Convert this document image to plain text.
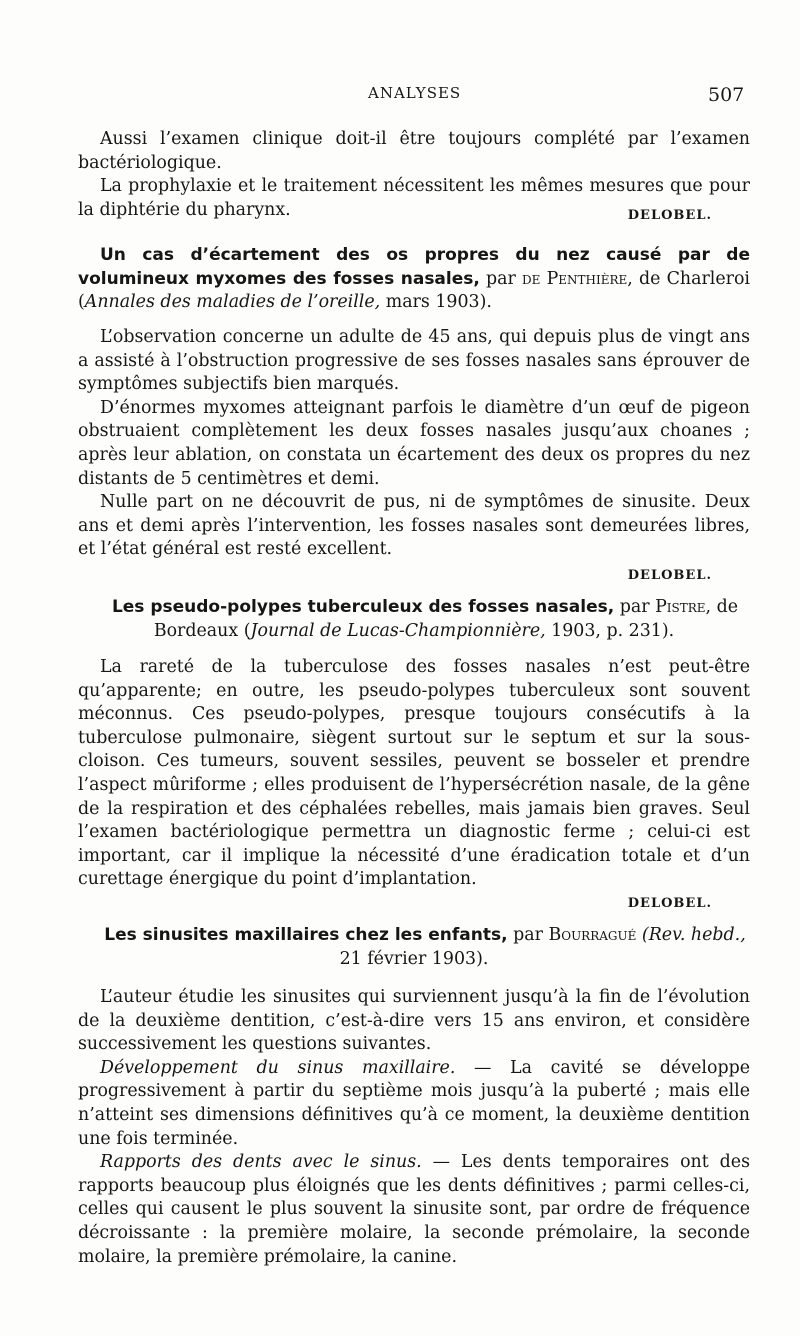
ANALYSES	507

Aussi l’examen clinique doit-il être toujours complété par l’examen bactériologique.

La prophylaxie et le traitement nécessitent les mêmes mesures que pour la diphtérie du pharynx.	DELOBEL.

Un cas d’écartement des os propres du nez causé par de volumineux myxomes des fosses nasales, par de Penthière, de Charleroi (Annales des maladies de l’oreille, mars 1903).

L’observation concerne un adulte de 45 ans, qui depuis plus de vingt ans a assisté à l’obstruction progressive de ses fosses nasales sans éprouver de symptômes subjectifs bien marqués.

D’énormes myxomes atteignant parfois le diamètre d’un œuf de pigeon obstruaient complètement les deux fosses nasales jusqu’aux choanes ; après leur ablation, on constata un écartement des deux os propres du nez distants de 5 centimètres et demi.

Nulle part on ne découvrit de pus, ni de symptômes de sinusite. Deux ans et demi après l’intervention, les fosses nasales sont demeurées libres, et l’état général est resté excellent.

DELOBEL.

Les pseudo-polypes tuberculeux des fosses nasales, par Pistre, de Bordeaux (Journal de Lucas-Championnière, 1903, p. 231).

La rareté de la tuberculose des fosses nasales n’est peut-être qu’apparente; en outre, les pseudo-polypes tuberculeux sont souvent méconnus. Ces pseudo-polypes, presque toujours consécutifs à la tuberculose pulmonaire, siègent surtout sur le septum et sur la sous-cloison. Ces tumeurs, souvent sessiles, peuvent se bosseler et prendre l’aspect mûriforme ; elles produisent de l’hypersécrétion nasale, de la gêne de la respiration et des céphalées rebelles, mais jamais bien graves. Seul l’examen bactériologique permettra un diagnostic ferme ; celui-ci est important, car il implique la nécessité d’une éradication totale et d’un curettage énergique du point d’implantation.

DELOBEL.

Les sinusites maxillaires chez les enfants, par Bourragué (Rev. hebd., 21 février 1903).

L’auteur étudie les sinusites qui surviennent jusqu’à la fin de l’évolution de la deuxième dentition, c’est-à-dire vers 15 ans environ, et considère successivement les questions suivantes.

Développement du sinus maxillaire. — La cavité se développe progressivement à partir du septième mois jusqu’à la puberté ; mais elle n’atteint ses dimensions définitives qu’à ce moment, la deuxième dentition une fois terminée.

Rapports des dents avec le sinus. — Les dents temporaires ont des rapports beaucoup plus éloignés que les dents définitives ; parmi celles-ci, celles qui causent le plus souvent la sinusite sont, par ordre de fréquence décroissante : la première molaire, la seconde prémolaire, la seconde molaire, la première prémolaire, la canine.
